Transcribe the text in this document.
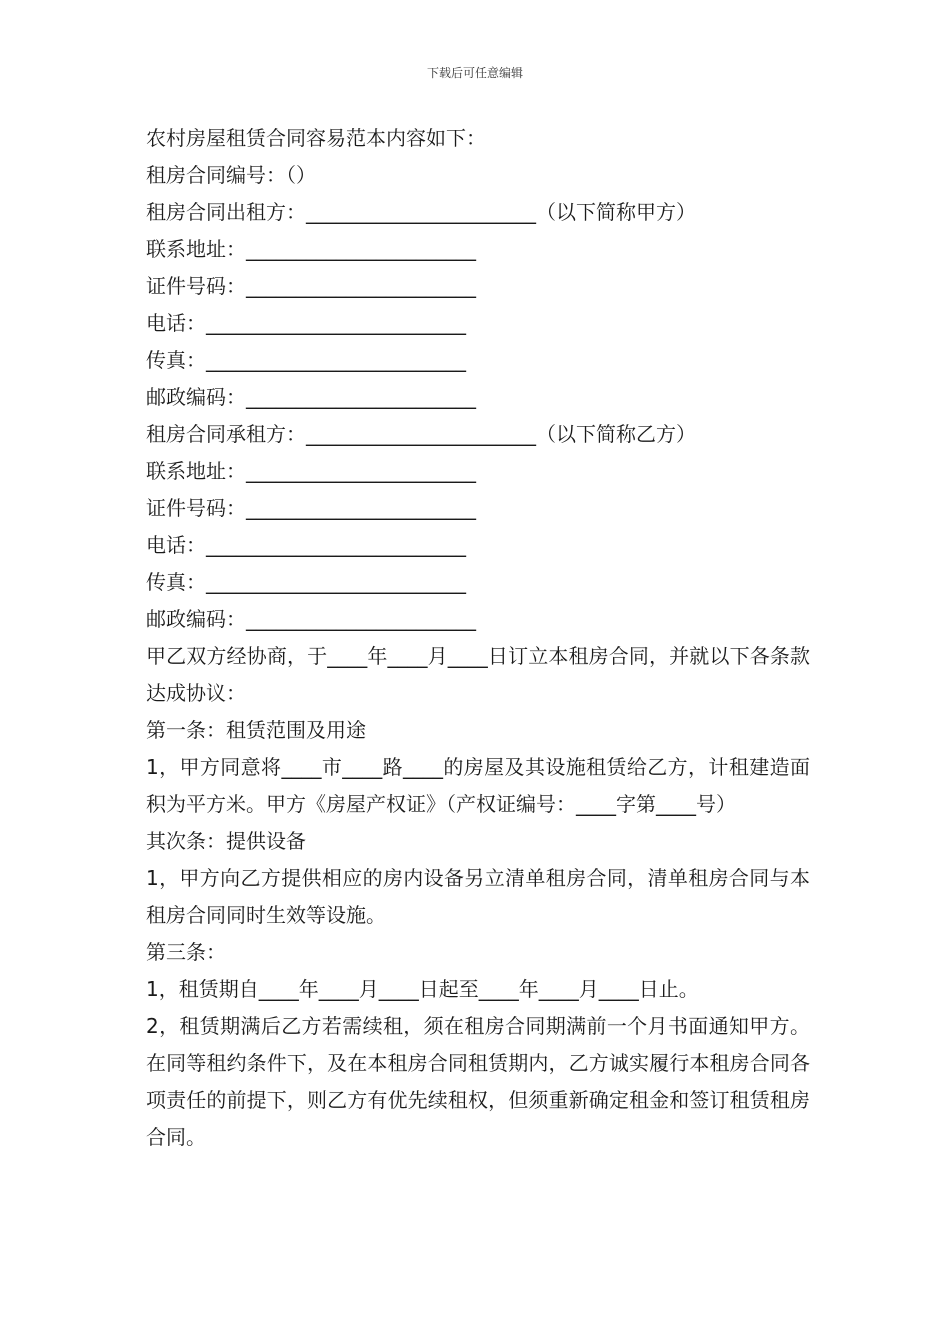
下载后可任意编辑
农村房屋租赁合同容易范本内容如下：
租房合同编号：（）
租房合同出租方：_______________________（以下简称甲方）
联系地址：_______________________
证件号码：_______________________
电话：__________________________
传真：__________________________
邮政编码：_______________________
租房合同承租方：_______________________（以下简称乙方）
联系地址：_______________________
证件号码：_______________________
电话：__________________________
传真：__________________________
邮政编码：_______________________
甲乙双方经协商，于____年____月____日订立本租房合同，并就以下各条款达成协议：
第一条：租赁范围及用途
1，甲方同意将____市____路____的房屋及其设施租赁给乙方，计租建造面积为平方米。甲方《房屋产权证》（产权证编号：____字第____号）
其次条：提供设备
1，甲方向乙方提供相应的房内设备另立清单租房合同，清单租房合同与本租房合同同时生效等设施。
第三条：
1，租赁期自____年____月____日起至____年____月____日止。
2，租赁期满后乙方若需续租，须在租房合同期满前一个月书面通知甲方。在同等租约条件下，及在本租房合同租赁期内，乙方诚实履行本租房合同各项责任的前提下，则乙方有优先续租权，但须重新确定租金和签订租赁租房合同。
